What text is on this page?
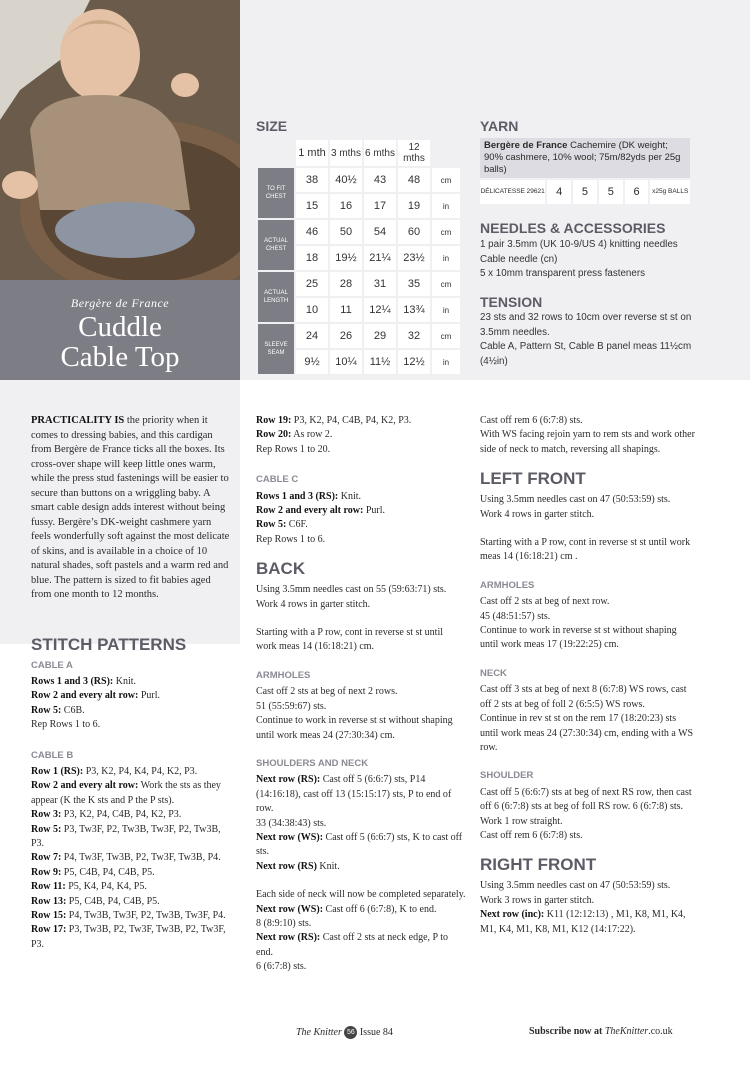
Bergère de France
Cuddle
Cable Top
SIZE
	1 mth	3 mths	6 mths	12 mths	
TO FIT CHEST	38	40½	43	48	cm
	15	16	17	19	in
ACTUAL CHEST	46	50	54	60	cm
	18	19½	21¼	23½	in
ACTUAL LENGTH	25	28	31	35	cm
	10	11	12¼	13¾	in
SLEEVE SEAM	24	26	29	32	cm
	9½	10¼	11½	12½	in
YARN
Bergère de France Cachemire (DK weight; 90% cashmere, 10% wool; 75m/82yds per 25g balls)
DÉLICATESSE 29621	4	5	5	6	x25g BALLS
NEEDLES & ACCESSORIES
1 pair 3.5mm (UK 10-9/US 4) knitting needles
Cable needle (cn)
5 x 10mm transparent press fasteners
TENSION
23 sts and 32 rows to 10cm over reverse st st on 3.5mm needles.
Cable A, Pattern St, Cable B panel meas 11½cm (4½in)

PRACTICALITY IS the priority when it comes to dressing babies, and this cardigan from Bergère de France ticks all the boxes. Its cross-over shape will keep little ones warm, while the press stud fastenings will be easier to secure than buttons on a wriggling baby. A smart cable design adds interest without being fussy. Bergère’s DK-weight cashmere yarn feels wonderfully soft against the most delicate of skins, and is available in a choice of 10 natural shades, soft pastels and a warm red and blue. The pattern is sized to fit babies aged from one month to 12 months.

STITCH PATTERNS
CABLE A

Rows 1 and 3 (RS): Knit.

Row 2 and every alt row: Purl.

Row 5: C6B.

Rep Rows 1 to 6.

CABLE B

Row 1 (RS): P3, K2, P4, K4, P4, K2, P3.

Row 2 and every alt row: Work the sts as they appear (K the K sts and P the P sts).

Row 3: P3, K2, P4, C4B, P4, K2, P3.

Row 5: P3, Tw3F, P2, Tw3B, Tw3F, P2, Tw3B, P3.

Row 7: P4, Tw3F, Tw3B, P2, Tw3F, Tw3B, P4.

Row 9: P5, C4B, P4, C4B, P5.

Row 11: P5, K4, P4, K4, P5.

Row 13: P5, C4B, P4, C4B, P5.

Row 15: P4, Tw3B, Tw3F, P2, Tw3B, Tw3F, P4.

Row 17: P3, Tw3B, P2, Tw3F, Tw3B, P2, Tw3F, P3.

Row 19: P3, K2, P4, C4B, P4, K2, P3.

Row 20: As row 2.

Rep Rows 1 to 20.

CABLE C

Rows 1 and 3 (RS): Knit.

Row 2 and every alt row: Purl.

Row 5: C6F.

Rep Rows 1 to 6.

BACK

Using 3.5mm needles cast on 55 (59:63:71) sts.

Work 4 rows in garter stitch.

Starting with a P row, cont in reverse st st until work meas 14 (16:18:21) cm.

ARMHOLES

Cast off 2 sts at beg of next 2 rows.

51 (55:59:67) sts.

Continue to work in reverse st st without shaping until work meas 24 (27:30:34) cm.

SHOULDERS AND NECK

Next row (RS): Cast off 5 (6:6:7) sts, P14 (14:16:18), cast off 13 (15:15:17) sts, P to end of row.

33 (34:38:43) sts.

Next row (WS): Cast off 5 (6:6:7) sts, K to cast off sts.

Next row (RS) Knit.

Each side of neck will now be completed separately.

Next row (WS): Cast off 6 (6:7:8), K to end.

8 (8:9:10) sts.

Next row (RS): Cast off 2 sts at neck edge, P to end.

6 (6:7:8) sts.

Cast off rem 6 (6:7:8) sts.

With WS facing rejoin yarn to rem sts and work other side of neck to match, reversing all shapings.

LEFT FRONT

Using 3.5mm needles cast on 47 (50:53:59) sts.

Work 4 rows in garter stitch.

Starting with a P row, cont in reverse st st until work meas 14 (16:18:21) cm .

ARMHOLES

Cast off 2 sts at beg of next row.

45 (48:51:57) sts.

Continue to work in reverse st st without shaping until work meas 17 (19:22:25) cm.

NECK

Cast off 3 sts at beg of next 8 (6:7:8) WS rows, cast off 2 sts at beg of foll 2 (6:5:5) WS rows.

Continue in rev st st on the rem 17 (18:20:23) sts until work meas 24 (27:30:34) cm, ending with a WS row.

SHOULDER

Cast off 5 (6:6:7) sts at beg of next RS row, then cast off 6 (6:7:8) sts at beg of foll RS row. 6 (6:7:8) sts.

Work 1 row straight.

Cast off rem 6 (6:7:8) sts.

RIGHT FRONT

Using 3.5mm needles cast on 47 (50:53:59) sts.

Work 3 rows in garter stitch.

Next row (inc): K11 (12:12:13) , M1, K8, M1, K4, M1, K4, M1, K8, M1, K12 (14:17:22).

The Knitter 56 Issue 84	Subscribe now at TheKnitter.co.uk
